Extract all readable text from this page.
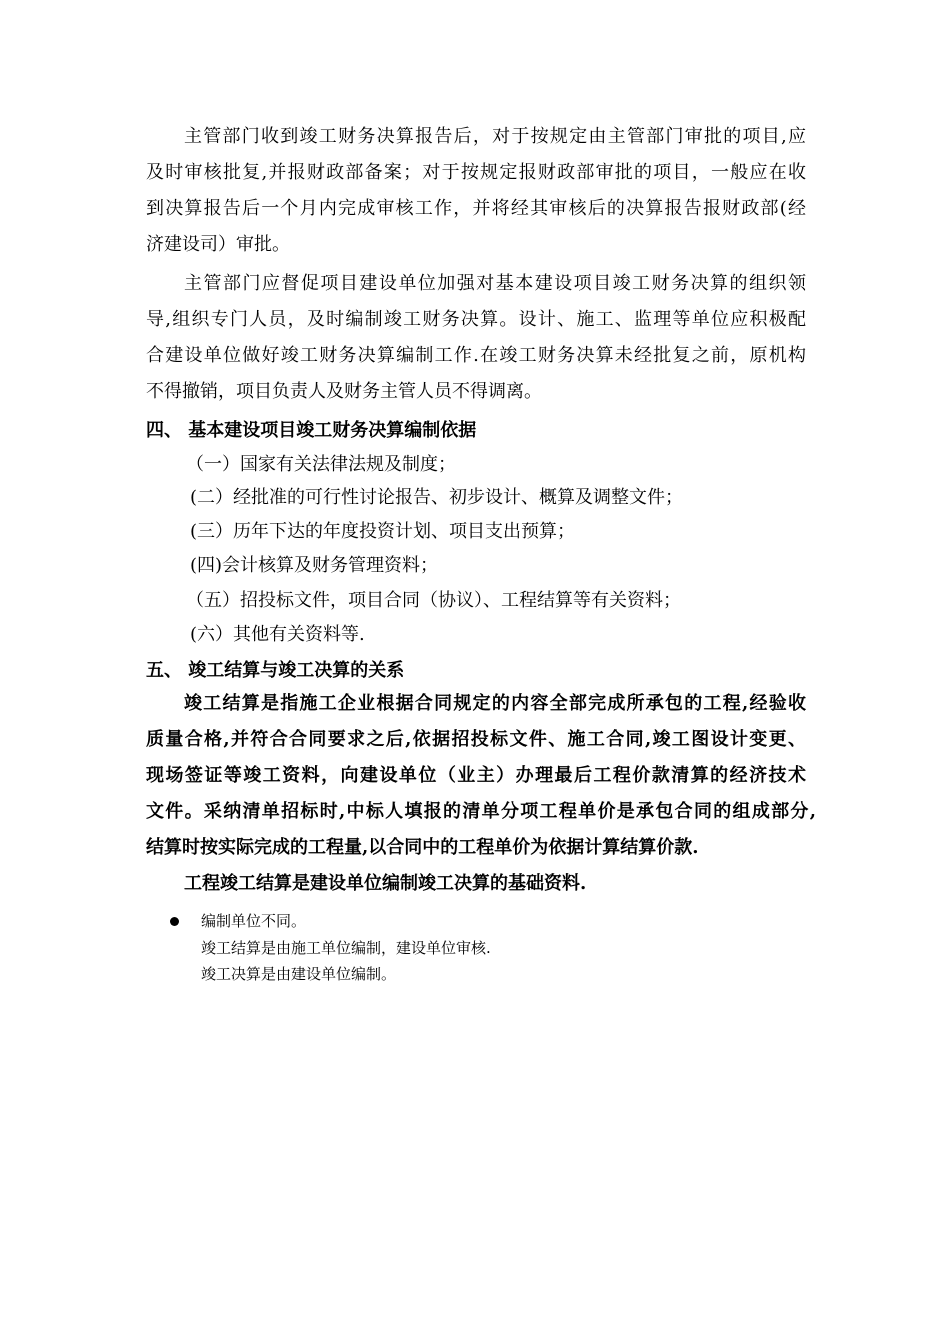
主管部门收到竣工财务决算报告后，对于按规定由主管部门审批的项目,应
及时审核批复,并报财政部备案；对于按规定报财政部审批的项目，一般应在收
到决算报告后一个月内完成审核工作，并将经其审核后的决算报告报财政部(经
济建设司）审批。
主管部门应督促项目建设单位加强对基本建设项目竣工财务决算的组织领
导,组织专门人员，及时编制竣工财务决算。设计、施工、监理等单位应积极配
合建设单位做好竣工财务决算编制工作.在竣工财务决算未经批复之前，原机构
不得撤销，项目负责人及财务主管人员不得调离。
四、 基本建设项目竣工财务决算编制依据
（一）国家有关法律法规及制度；
(二）经批准的可行性讨论报告、初步设计、概算及调整文件；
(三）历年下达的年度投资计划、项目支出预算；
(四)会计核算及财务管理资料；
（五）招投标文件，项目合同（协议）、工程结算等有关资料；
(六）其他有关资料等.
五、 竣工结算与竣工决算的关系
竣工结算是指施工企业根据合同规定的内容全部完成所承包的工程,经验收
质量合格,并符合合同要求之后,依据招投标文件、施工合同,竣工图设计变更、
现场签证等竣工资料，向建设单位（业主）办理最后工程价款清算的经济技术
文件。采纳清单招标时,中标人填报的清单分项工程单价是承包合同的组成部分,
结算时按实际完成的工程量,以合同中的工程单价为依据计算结算价款.
工程竣工结算是建设单位编制竣工决算的基础资料.
编制单位不同。
竣工结算是由施工单位编制，建设单位审核.
竣工决算是由建设单位编制。
